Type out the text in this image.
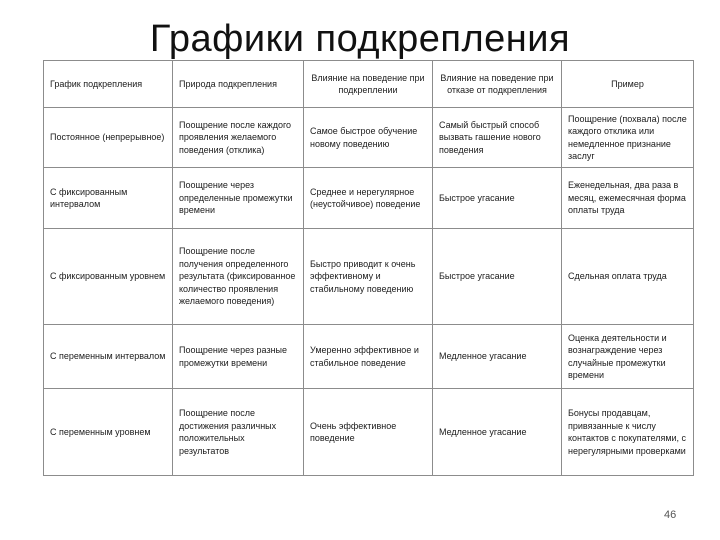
Графики подкрепления
График подкрепления	Природа подкрепления	Влияние на поведение при подкреплении	Влияние на поведение при отказе от подкрепления	Пример
Постоянное (непрерывное)	Поощрение после каждого проявления желаемого поведения (отклика)	Самое быстрое обучение новому поведению	Самый быстрый способ вызвать гашение нового поведения	Поощрение (похвала) после каждого отклика или немедленное признание заслуг
С фиксированным интервалом	Поощрение через определенные промежутки времени	Среднее и нерегулярное (неустойчивое) поведение	Быстрое угасание	Еженедельная, два раза в месяц, ежемесячная форма оплаты труда
С фиксированным уровнем	Поощрение после получения определенного результата (фиксированное количество проявления желаемого поведения)	Быстро приводит к очень эффективному и стабильному поведению	Быстрое угасание	Сдельная оплата труда
С переменным интервалом	Поощрение через разные промежутки времени	Умеренно эффективное и стабильное поведение	Медленное угасание	Оценка деятельности и вознаграждение через случайные промежутки времени
С переменным уровнем	Поощрение после достижения различных положительных результатов	Очень эффективное поведение	Медленное угасание	Бонусы продавцам, привязанные к числу контактов с покупателями, с нерегулярными проверками
46
